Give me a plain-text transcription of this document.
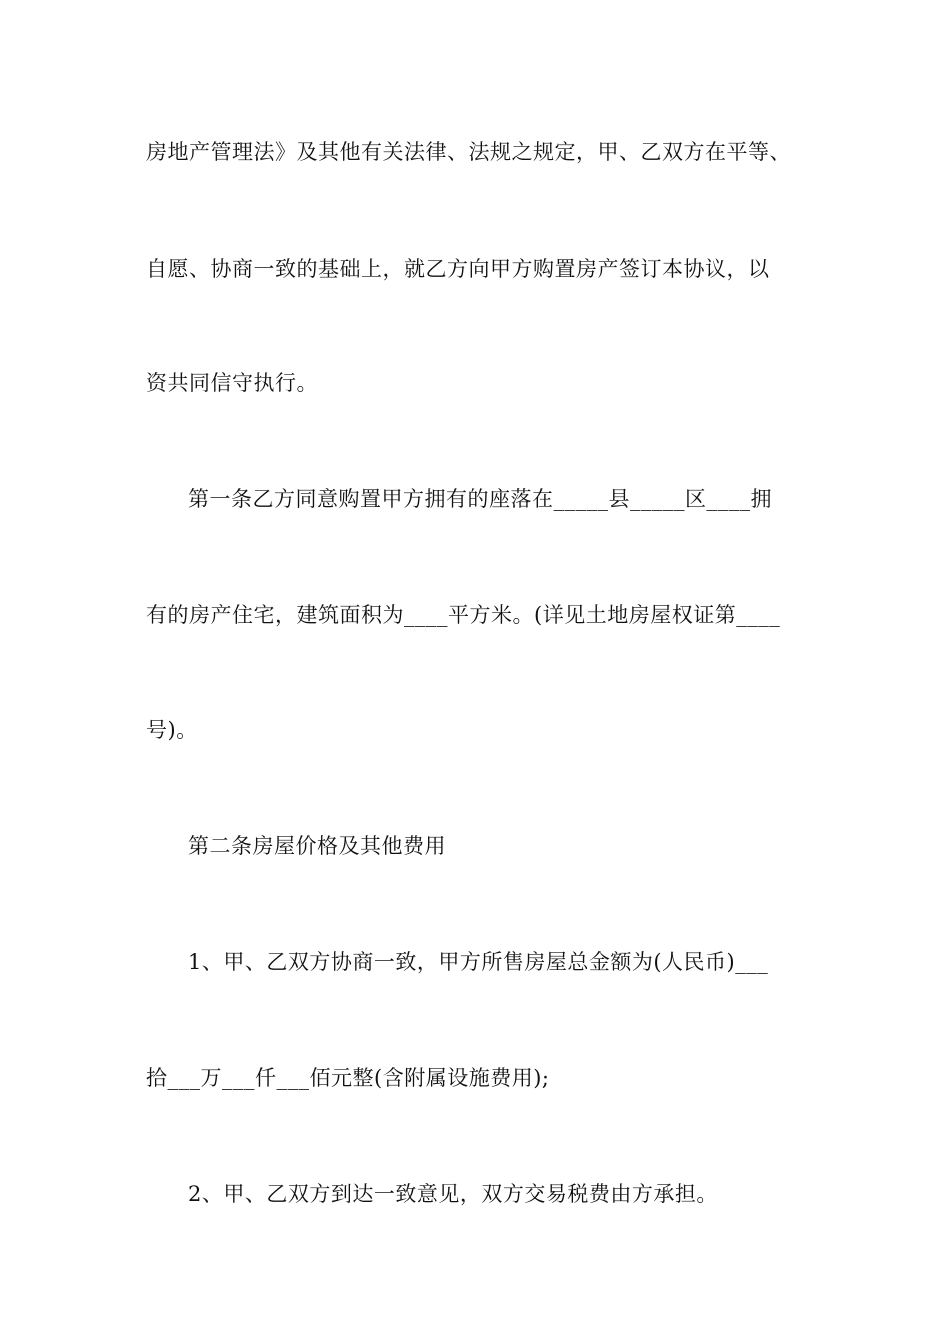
房地产管理法》及其他有关法律、法规之规定，甲、乙双方在平等、
自愿、协商一致的基础上，就乙方向甲方购置房产签订本协议，以
资共同信守执行。
第一条乙方同意购置甲方拥有的座落在_____县_____区____拥
有的房产住宅，建筑面积为____平方米。(详见土地房屋权证第____
号)。
第二条房屋价格及其他费用
1、甲、乙双方协商一致，甲方所售房屋总金额为(人民币)___
拾___万___仟___佰元整(含附属设施费用);
2、甲、乙双方到达一致意见，双方交易税费由方承担。
